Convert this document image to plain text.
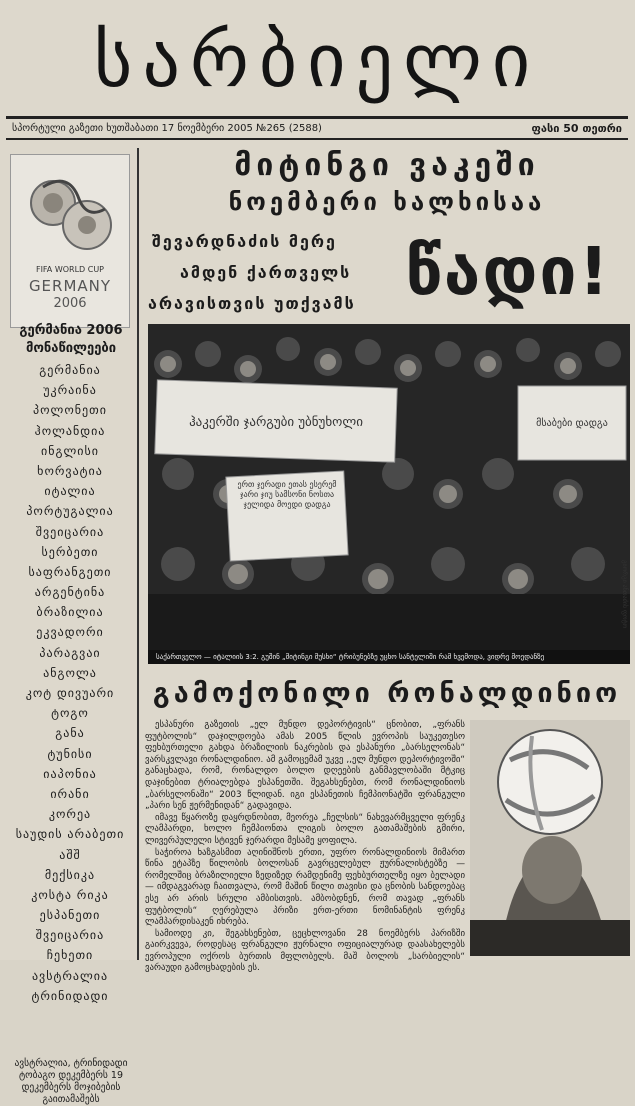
სარბიელი
სპორტული გაზეთი ხუთშაბათი 17 ნოემბერი 2005 №265 (2588)	ფასი 50 თეთრი
FIFA WORLD CUP
GERMANY
2006
გერმანია 2006
მონაწილეები
გერმანია
უკრაინა
პოლონეთი
ჰოლანდია
ინგლისი
ხორვატია
იტალია
პორტუგალია
შვეიცარია
სერბეთი
საფრანგეთი
არგენტინა
ბრაზილია
ეკვადორი
პარაგვაი
ანგოლა
კოტ დივუარი
ტოგო
განა
ტუნისი
იაპონია
ირანი
კორეა
საუდის არაბეთი
აშშ
მექსიკა
კოსტა რიკა
ესპანეთი
შვეიცარია
ჩეხეთი
ავსტრალია
ტრინიდადი
ავსტრალია, ტრინიდადი ტობაგო დეკემბერს 19 დეკემბერს მოჯიბების გაითამაშებს
მიტინგი ვაკეში
ნოემბერი ხალხისაა
შევარდნაძის მერე
ამდენ ქართველს
არავისთვის უთქვამს წადი!
ჰაკერში ჯარგუბი უბნუხოლი	მსაბები დადგა
ერთ ჯერადი ეთას ესერემ ჯარი ჯიუ სამსონი ნოსთა ჯელიდა მოედი დადგა
საქართველო — იტალიის 3:2. გუშინ „მიტინგი მუსხი“ ტრიბუნებზე უცხო სანტელიში რამ ხვემოდა, ვიდრე მოედანზე
გიორგი ანთაძის ფოტო
გამოქონილი რონალდინიო

ესპანური გაზეთის „ელ მუნდო დეპორტივის“ ცნობით, „ფრანს ფუტბოლის“ დაჯილდოება ამას 2005 წლის ევროპის საუკეთესო ფეხბურთელი გახდა ბრაზილიის ნაკრების და ესპანური „ბარსელონას“ ვარსკვლავი რონალდინიო. ამ გამოცემამ უკვე ,,ელ მუნდო დეპორტივოში“ განაცხადა, რომ, რონალდო ბოლო დღეების განმავლობაში მტკიც დაჯინებით ტრიალებდა ესპანეთში. შეგახსენებთ, რომ რონალდინიოს „ბარსელონაში“ 2003 წლიდან. იგი ესპანეთის ჩემპიონატში ფრანგული „პარი სენ ჟერმენიდან“ გადავიდა.

იმავე წყაროზე დაყრდნობით, მეორეა „ჩელსის“ ნახევარმცველი ფრენკ ლამპარდი, ხოლო ჩემპიონთა ლიგის ბოლო გათამაშების გმირი, ლივერპულელი სტივენ ჯერარდი მესამე ყოფილა.

საჭიროა ხაზგასმით აღინიშნოს ერთი, უფრო რონალდინიოს მიმართ წინა ეტაპზე წილობის ბოლოსან გავრცელებულ ჟურნალისტებზე — რომელშიც ბრაზილიელი ზედიზედ რამდენიმე ფეხბურთელზე იყო ბელადი — იმდაგვარად ჩაითვალა, რომ მაშინ წილი თავისი და ცნობის სანდოებაც ესე არ არის სრული ამბისთვის. ამბობდნენ, რომ თავად „ფრანს ფუტბოლის“ ღერებულა პრიზი ერთ-ერთი ნომინანტის ფრენკ ლამპარდისაკენ იხრება.

სამიოდე კი, შეგახსენებთ, ცეცხლოვანი 28 ნოემბერს პარიზში გაირკვევა, როდესაც ფრანგული ჟურნალი ოფიციალურად დაასახელებს ევროპული ოქროს ბურთის მფლობელს. მაშ ბოლოს „სარბიელის“ ვარაუდი გამოცხადების ეს.
